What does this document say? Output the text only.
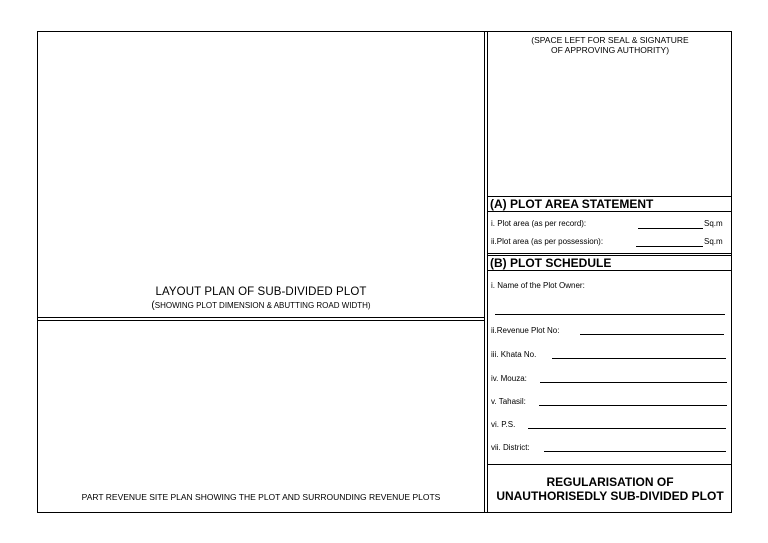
LAYOUT PLAN OF SUB-DIVIDED PLOT
(SHOWING PLOT DIMENSION & ABUTTING ROAD WIDTH)
PART REVENUE SITE PLAN SHOWING THE PLOT AND SURROUNDING REVENUE PLOTS
(SPACE LEFT FOR SEAL & SIGNATURE
OF APPROVING AUTHORITY)
(A) PLOT AREA STATEMENT
i. Plot area (as per record):	Sq.m
ii.Plot area (as per possession):	Sq.m
(B) PLOT SCHEDULE
i. Name of the Plot Owner:
ii.Revenue Plot No:
iii. Khata No.
iv. Mouza:
v. Tahasil:
vi. P.S.
vii. District:
REGULARISATION OF
UNAUTHORISEDLY SUB-DIVIDED PLOT
